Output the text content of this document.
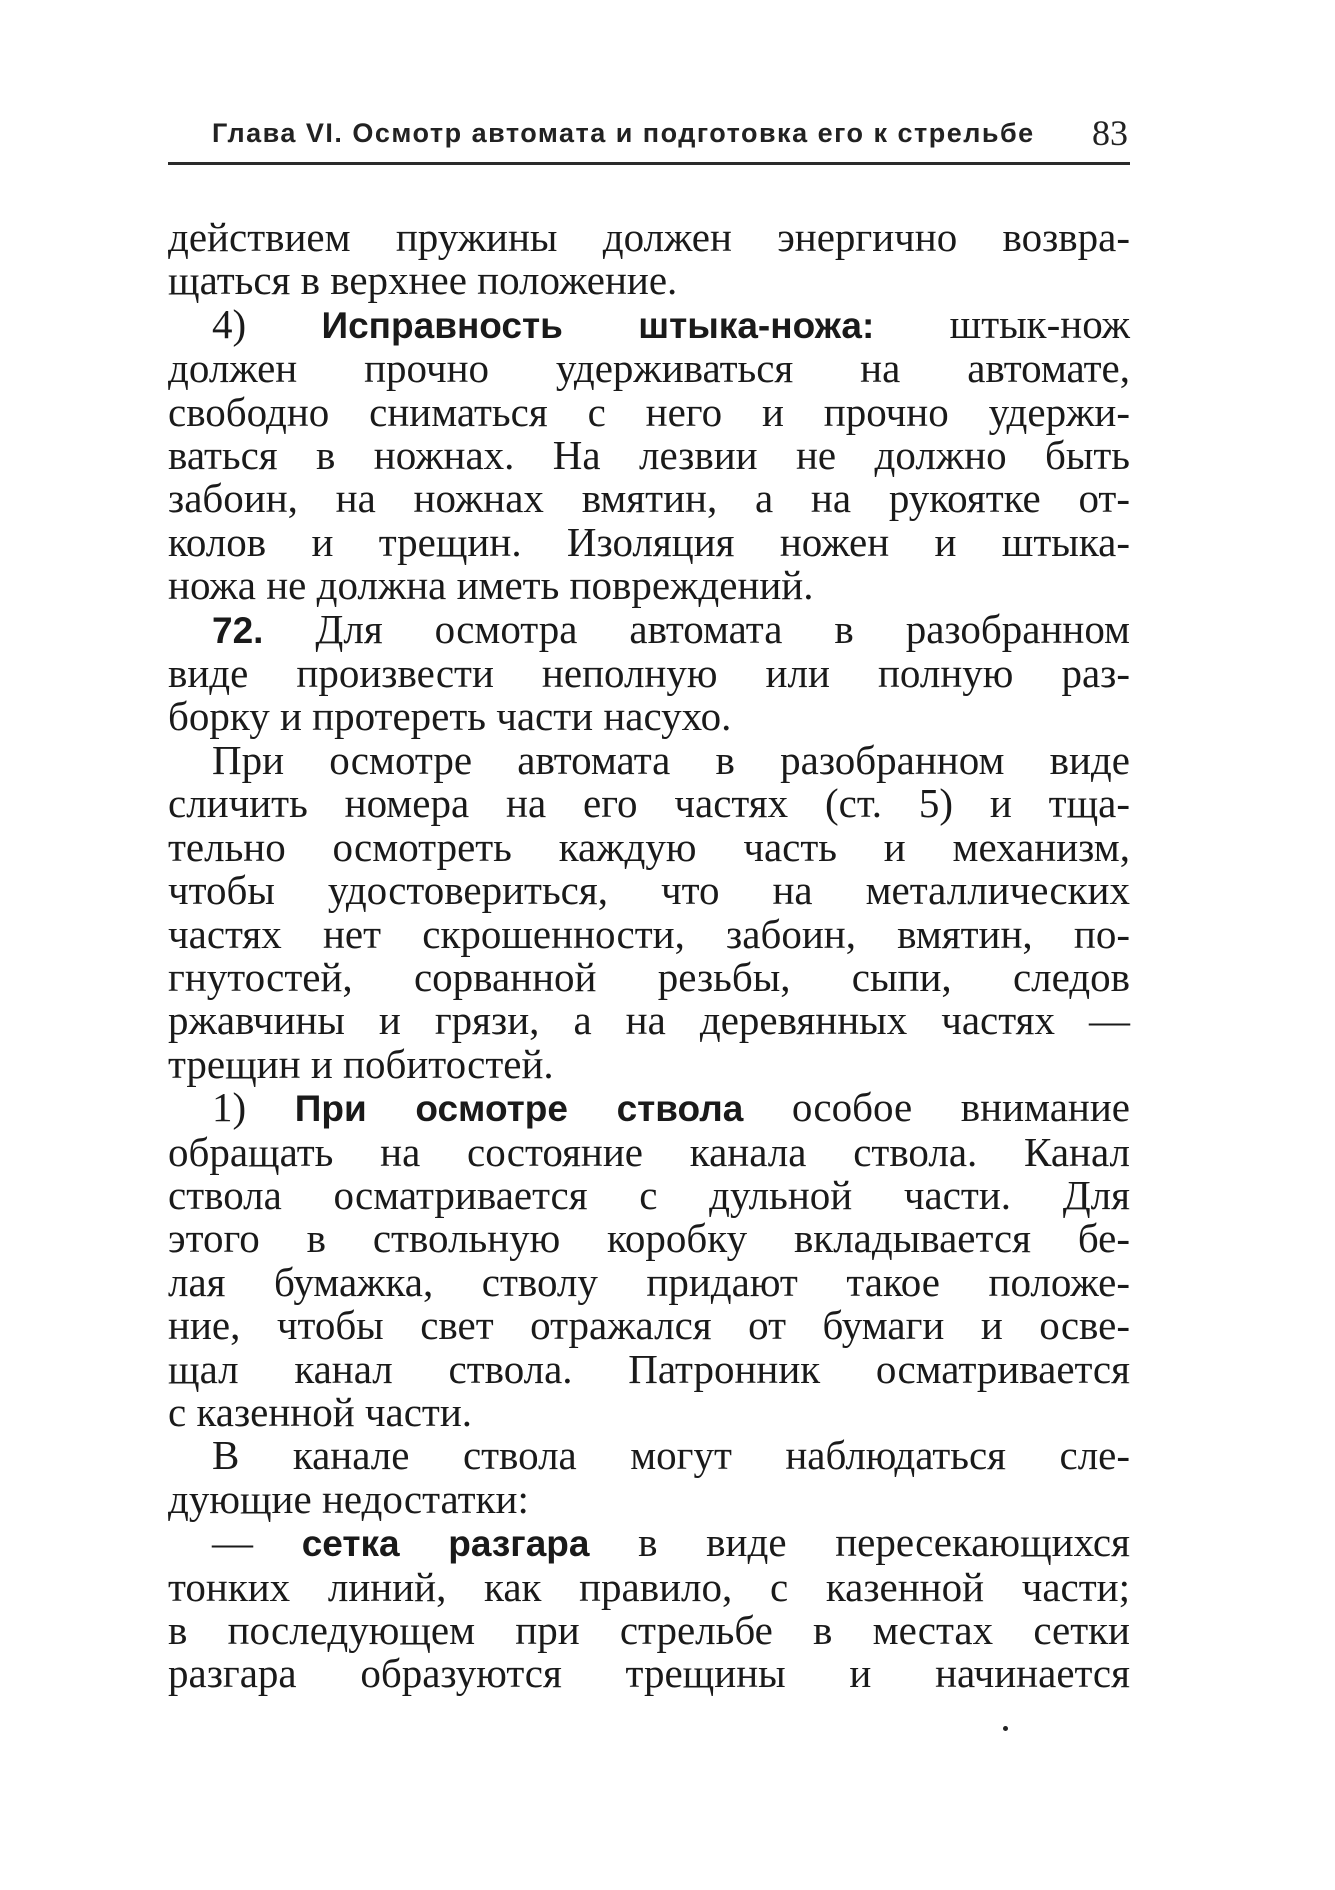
Глава VI. Осмотр автомата и подготовка его к стрельбе 83

действием пружины должен энергично возвра-
щаться в верхнее положение.

4) Исправность штыка-ножа: штык-нож
должен прочно удерживаться на автомате,
свободно сниматься с него и прочно удержи-
ваться в ножнах. На лезвии не должно быть
забоин, на ножнах вмятин, а на рукоятке от-
колов и трещин. Изоляция ножен и штыка-
ножа не должна иметь повреждений.

72. Для осмотра автомата в разобранном
виде произвести неполную или полную раз-
борку и протереть части насухо.

При осмотре автомата в разобранном виде
сличить номера на его частях (ст. 5) и тща-
тельно осмотреть каждую часть и механизм,
чтобы удостовериться, что на металлических
частях нет скрошенности, забоин, вмятин, по-
гнутостей, сорванной резьбы, сыпи, следов
ржавчины и грязи, а на деревянных частях —
трещин и побитостей.

1) При осмотре ствола особое внимание
обращать на состояние канала ствола. Канал
ствола осматривается с дульной части. Для
этого в ствольную коробку вкладывается бе-
лая бумажка, стволу придают такое положе-
ние, чтобы свет отражался от бумаги и осве-
щал канал ствола. Патронник осматривается
с казенной части.

В канале ствола могут наблюдаться сле-
дующие недостатки:

— сетка разгара в виде пересекающихся
тонких линий, как правило, с казенной части;
в последующем при стрельбе в местах сетки
разгара образуются трещины и начинается
